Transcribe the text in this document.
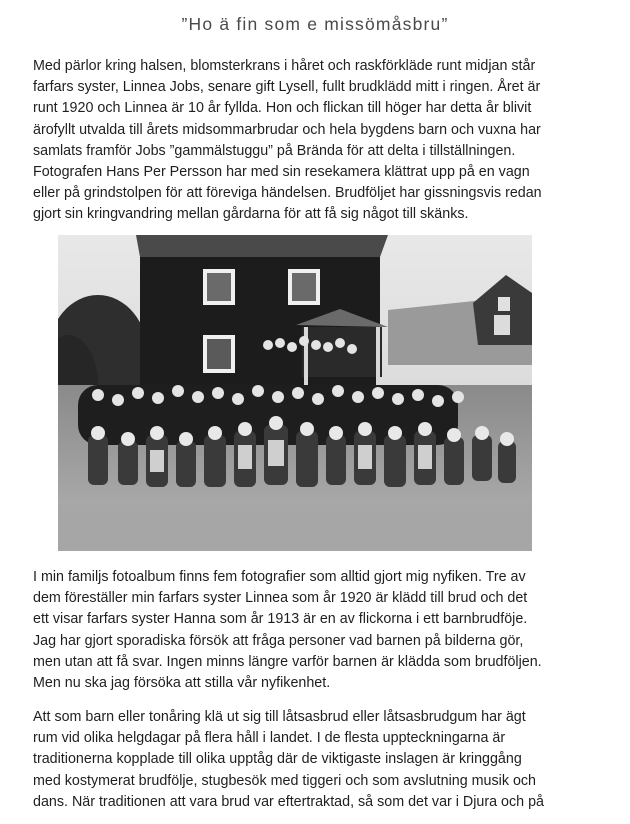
”Ho ä fin som e missömåsbru”

Med pärlor kring halsen, blomsterkrans i håret och raskförkläde runt midjan står
farfars syster, Linnea Jobs, senare gift Lysell, fullt brudklädd mitt i ringen. Året är
runt 1920 och Linnea är 10 år fyllda. Hon och flickan till höger har detta år blivit
ärofyllt utvalda till årets midsommarbrudar och hela bygdens barn och vuxna har
samlats framför Jobs ”gammälstuggu” på Brända för att delta i tillställningen.
Fotografen Hans Per Persson har med sin resekamera klättrat upp på en vagn
eller på grindstolpen för att föreviga händelsen. Brudföljet har gissningsvis redan
gjort sin kringvandring mellan gårdarna för att få sig något till skänks.

I min familjs fotoalbum finns fem fotografier som alltid gjort mig nyfiken. Tre av
dem föreställer min farfars syster Linnea som år 1920 är klädd till brud och det
ett visar farfars syster Hanna som år 1913 är en av flickorna i ett barnbrudföje.
Jag har gjort sporadiska försök att fråga personer vad barnen på bilderna gör,
men utan att få svar. Ingen minns längre varför barnen är klädda som brudföljen.
Men nu ska jag försöka att stilla vår nyfikenhet.

Att som barn eller tonåring klä ut sig till låtsasbrud eller låtsasbrudgum har ägt
rum vid olika helgdagar på flera håll i landet. I de flesta uppteckningarna är
traditionerna kopplade till olika upptåg där de viktigaste inslagen är kringgång
med kostymerat brudfölje, stugbesök med tiggeri och som avslutning musik och
dans. När traditionen att vara brud var eftertraktad, så som det var i Djura och på
